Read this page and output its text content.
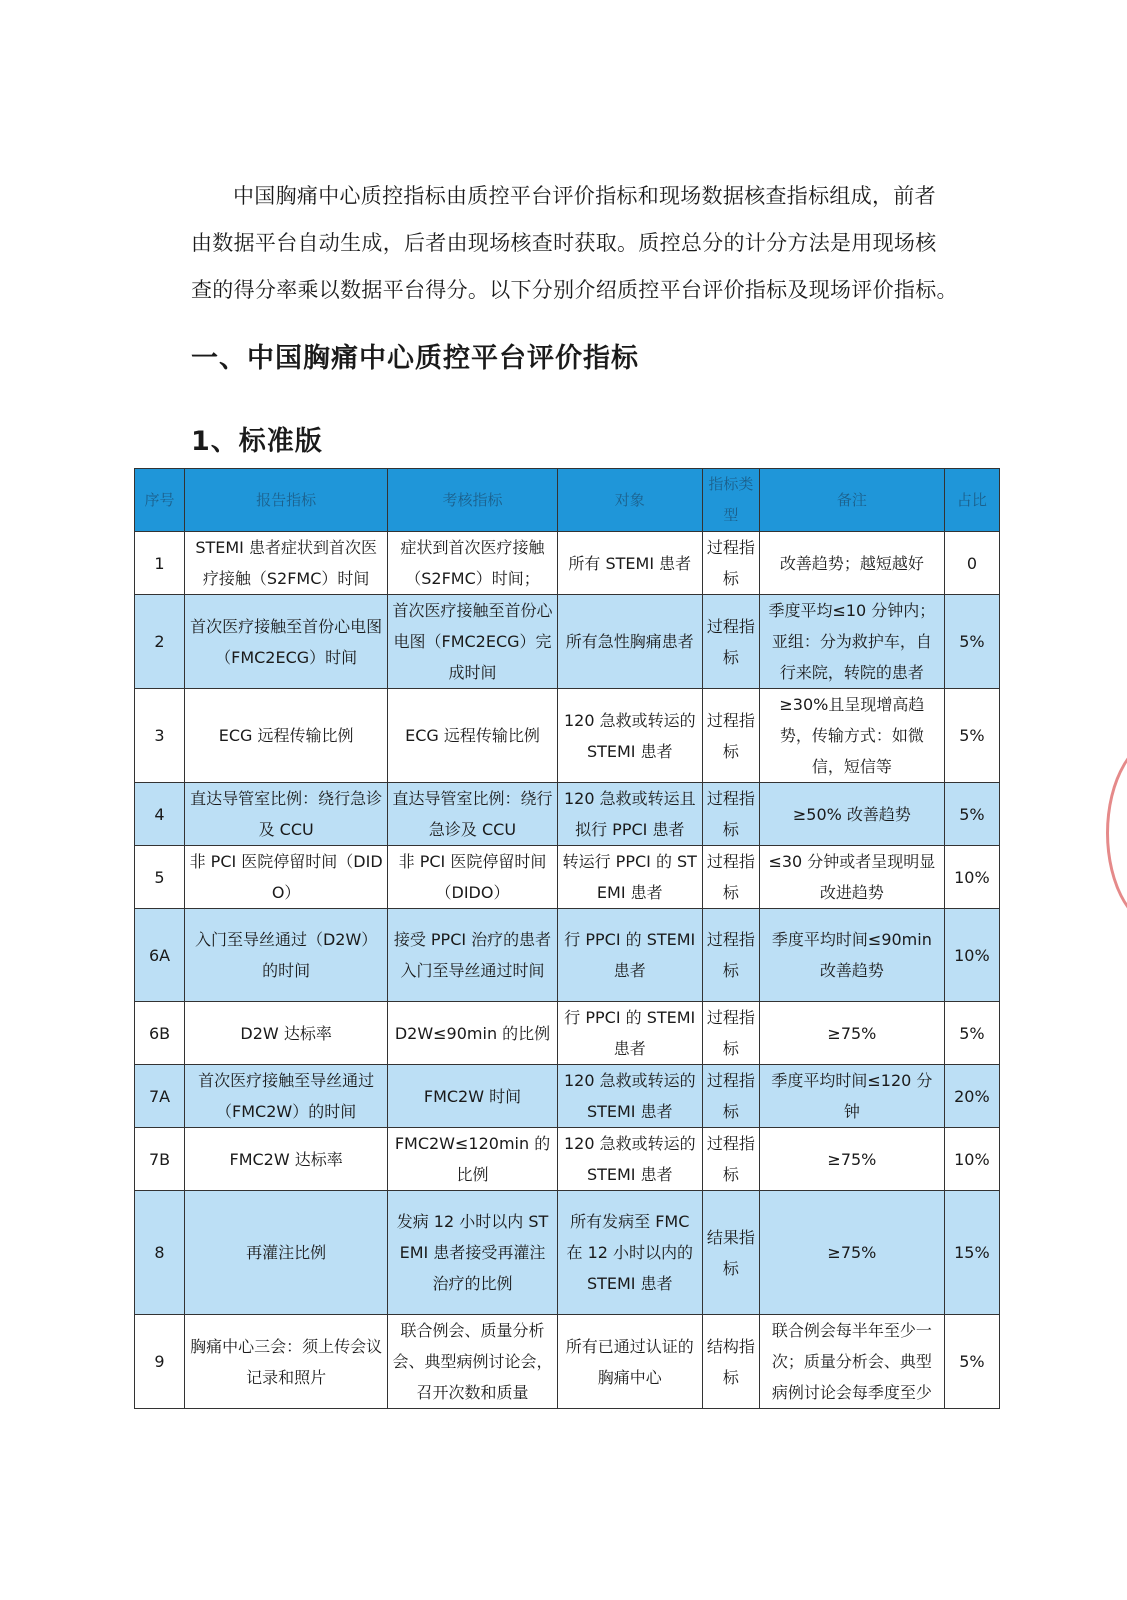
中国胸痛中心质控指标由质控平台评价指标和现场数据核查指标组成，前者
由数据平台自动生成，后者由现场核查时获取。质控总分的计分方法是用现场核
查的得分率乘以数据平台得分。以下分别介绍质控平台评价指标及现场评价指标。

一、中国胸痛中心质控平台评价指标
1、标准版
序号	报告指标	考核指标	对象	指标类型	备注	占比
1	STEMI 患者症状到首次医疗接触（S2FMC）时间	症状到首次医疗接触（S2FMC）时间；	所有 STEMI 患者	过程指标	改善趋势；越短越好	0
2	首次医疗接触至首份心电图（FMC2ECG）时间	首次医疗接触至首份心电图（FMC2ECG）完成时间	所有急性胸痛患者	过程指标	季度平均≤10 分钟内；亚组：分为救护车，自行来院，转院的患者	5%
3	ECG 远程传输比例	ECG 远程传输比例	120 急救或转运的 STEMI 患者	过程指标	≥30%且呈现增高趋势，传输方式：如微信，短信等	5%
4	直达导管室比例：绕行急诊及 CCU	直达导管室比例：绕行急诊及 CCU	120 急救或转运且拟行 PPCI 患者	过程指标	≥50% 改善趋势	5%
5	非 PCI 医院停留时间（DIDO）	非 PCI 医院停留时间（DIDO）	转运行 PPCI 的 STEMI 患者	过程指标	≤30 分钟或者呈现明显改进趋势	10%
6A	入门至导丝通过（D2W）的时间	接受 PPCI 治疗的患者入门至导丝通过时间	行 PPCI 的 STEMI 患者	过程指标	季度平均时间≤90min 改善趋势	10%
6B	D2W 达标率	D2W≤90min 的比例	行 PPCI 的 STEMI 患者	过程指标	≥75%	5%
7A	首次医疗接触至导丝通过（FMC2W）的时间	FMC2W 时间	120 急救或转运的 STEMI 患者	过程指标	季度平均时间≤120 分钟	20%
7B	FMC2W 达标率	FMC2W≤120min 的比例	120 急救或转运的 STEMI 患者	过程指标	≥75%	10%
8	再灌注比例	发病 12 小时以内 STEMI 患者接受再灌注治疗的比例	所有发病至 FMC 在 12 小时以内的 STEMI 患者	结果指标	≥75%	15%
9	胸痛中心三会：须上传会议记录和照片	联合例会、质量分析会、典型病例讨论会，召开次数和质量	所有已通过认证的胸痛中心	结构指标	联合例会每半年至少一次；质量分析会、典型病例讨论会每季度至少	5%
